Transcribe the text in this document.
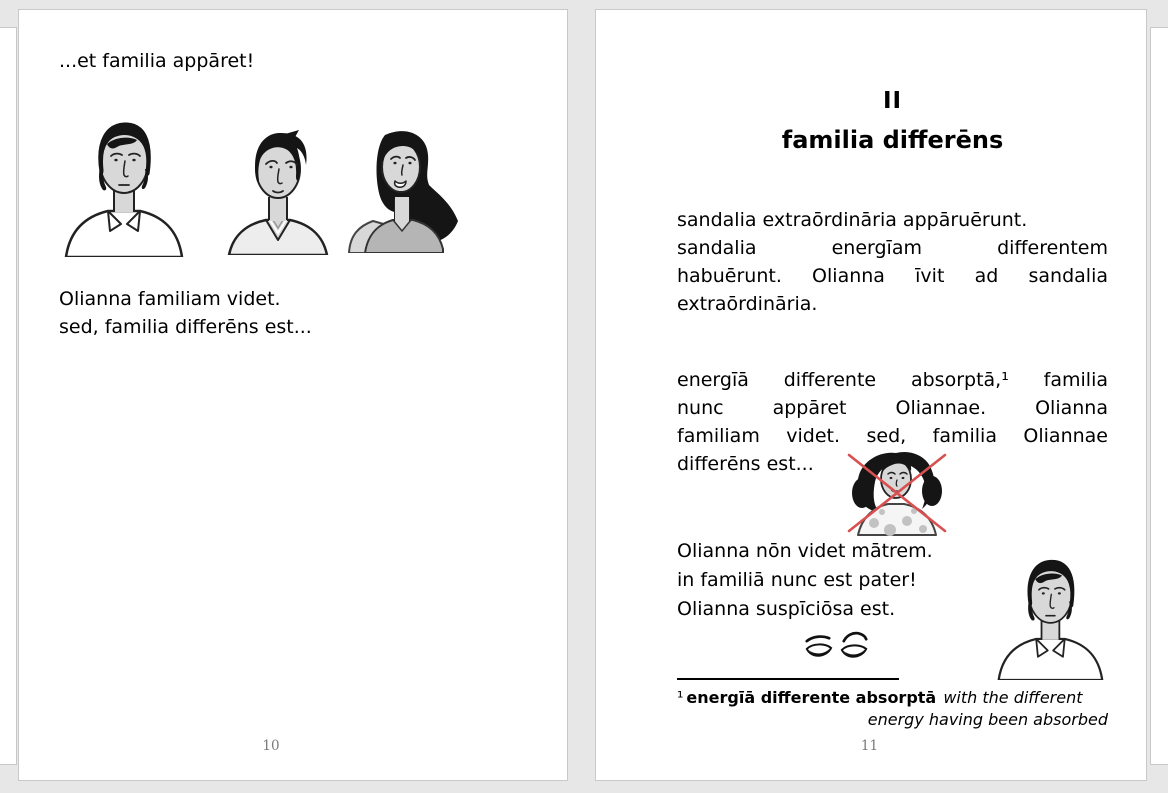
...et familia appāret!
Olianna familiam videt.
sed, familia differēns est...
10
II
familia differēns
sandalia extraōrdināria appāruērunt.
sandalia energīam differentem
habuērunt. Olianna īvit ad sandalia
extraōrdināria.
energīā differente absorptā,¹ familia
nunc appāret Oliannae. Olianna
familiam videt. sed, familia Oliannae
differēns est...
Olianna nōn videt mātrem.
in familiā nunc est pater!
Olianna suspīciōsa est.
¹ energīā differente absorptā with the different
energy having been absorbed
11
